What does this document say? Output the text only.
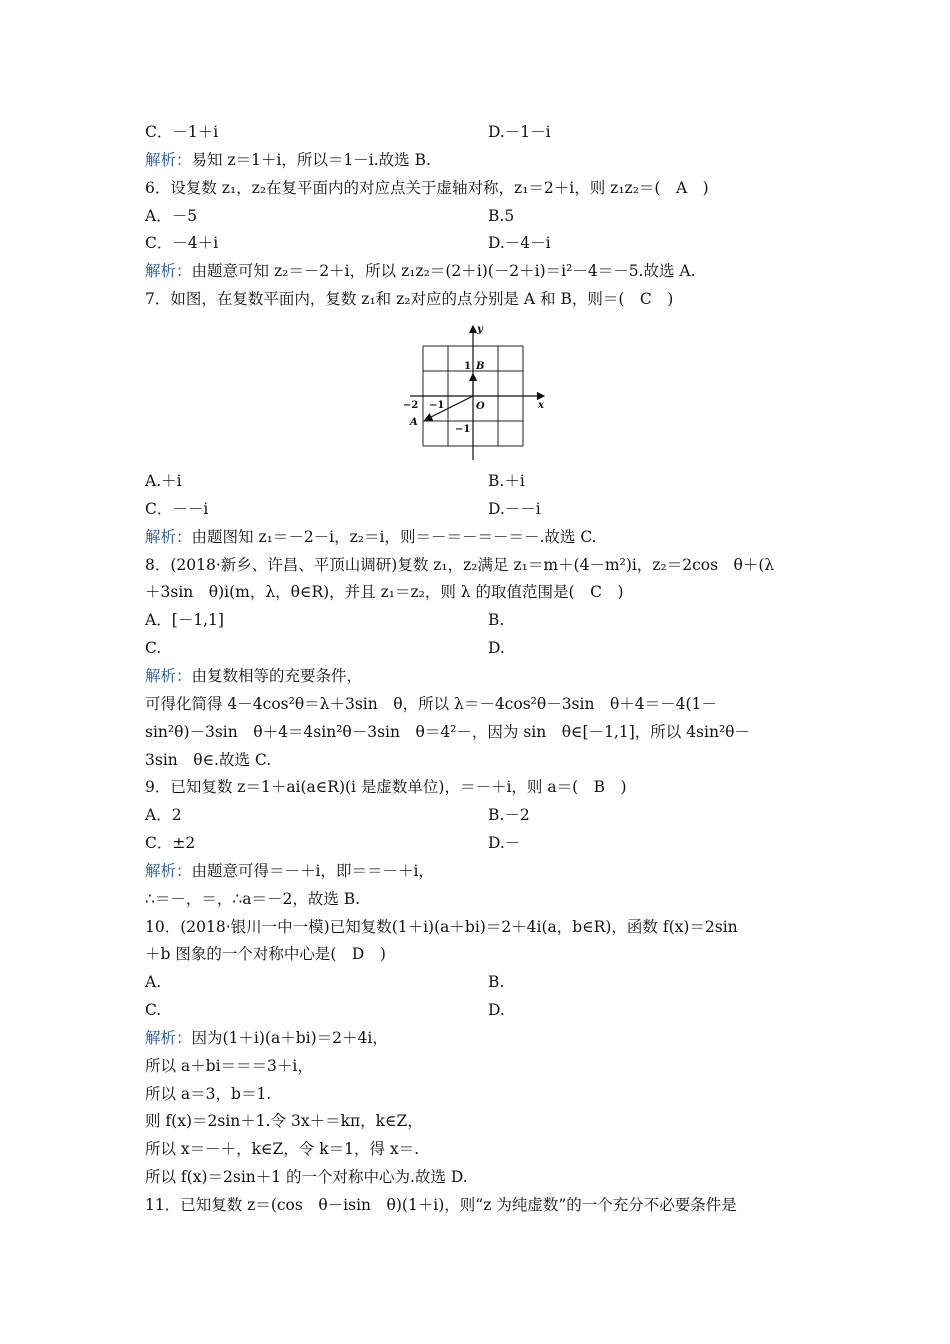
C．－1＋i	D.－1－i
解析：易知 z＝1＋i，所以＝1－i.故选 B.
6．设复数 z₁，z₂在复平面内的对应点关于虚轴对称，z₁＝2＋i，则 z₁z₂＝(　A　)
A．－5	B.5
C．－4＋i	D.－4－i
解析：由题意可知 z₂＝－2＋i，所以 z₁z₂＝(2＋i)(－2＋i)＝i²－4＝－5.故选 A.
7．如图，在复数平面内，复数 z₁和 z₂对应的点分别是 A 和 B，则＝(　C　)
A.＋i	B.＋i
C．－－i	D.－－i
解析：由题图知 z₁＝－2－i，z₂＝i，则＝－＝－＝－＝－.故选 C.
8．(2018·新乡、许昌、平顶山调研)复数 z₁，z₂满足 z₁＝m＋(4－m²)i，z₂＝2cos　θ＋(λ
＋3sin　θ)i(m，λ，θ∈R)，并且 z₁＝z₂，则 λ 的取值范围是(　C　)
A．[－1,1]	B.
C.	D.
解析：由复数相等的充要条件，
可得化简得 4－4cos²θ＝λ＋3sin　θ，所以 λ＝－4cos²θ－3sin　θ＋4＝－4(1－
sin²θ)－3sin　θ＋4＝4sin²θ－3sin　θ＝4²－，因为 sin　θ∈[－1,1]，所以 4sin²θ－
3sin　θ∈.故选 C.
9．已知复数 z＝1＋ai(a∈R)(i 是虚数单位)，＝－＋i，则 a＝(　B　)
A．2	B.－2
C．±2	D.－
解析：由题意可得＝－＋i，即＝＝－＋i，
∴＝－，＝，∴a＝－2，故选 B.
10．(2018·银川一中一模)已知复数(1＋i)(a＋bi)＝2＋4i(a，b∈R)，函数 f(x)＝2sin
＋b 图象的一个对称中心是(　D　)
A.	B.
C.	D.
解析：因为(1＋i)(a＋bi)＝2＋4i，
所以 a＋bi＝＝＝3＋i，
所以 a＝3，b＝1.
则 f(x)＝2sin＋1.令 3x＋＝kπ，k∈Z，
所以 x＝－＋，k∈Z，令 k＝1，得 x＝.
所以 f(x)＝2sin＋1 的一个对称中心为.故选 D.
11．已知复数 z＝(cos　θ－isin　θ)(1＋i)，则“z 为纯虚数”的一个充分不必要条件是
y
x
O
B
A
1
−1
−2 −1
